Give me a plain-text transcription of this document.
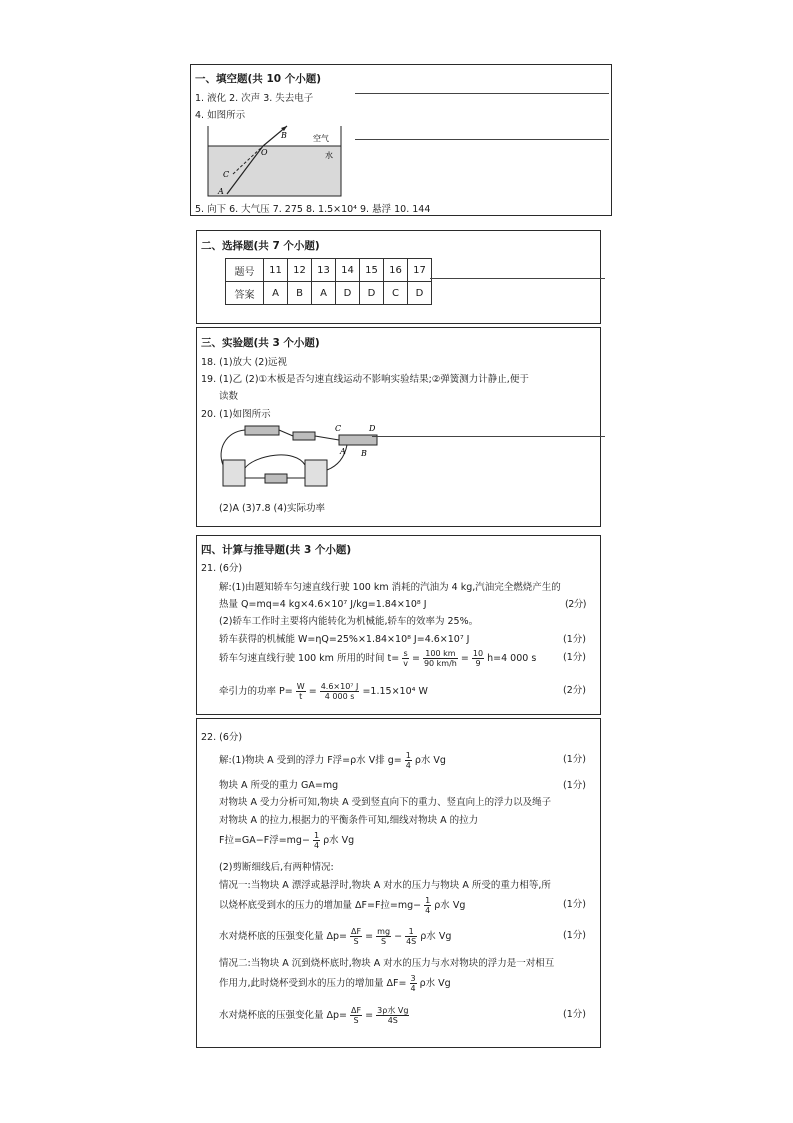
一、填空题(共 10 个小题)
1. 液化 2. 次声 3. 失去电子
4. 如图所示
B
O
C
A
空气
水
5. 向下 6. 大气压 7. 275 8. 1.5×10⁴ 9. 悬浮 10. 144
二、选择题(共 7 个小题)
题号	11	12	13	14	15	16	17
答案	A	B	A	D	D	C	D
三、实验题(共 3 个小题)
18. (1)放大 (2)远视
19. (1)乙 (2)①木板是否匀速直线运动不影响实验结果;②弹簧测力计静止,便于
读数
20. (1)如图所示
C	D
A B
(2)A (3)7.8 (4)实际功率
四、计算与推导题(共 3 个小题)
21. (6分)
解:(1)由题知轿车匀速直线行驶 100 km 消耗的汽油为 4 kg,汽油完全燃烧产生的
热量 Q=mq=4 kg×4.6×10⁷ J/kg=1.84×10⁸ J	(2分)
(2)轿车工作时主要将内能转化为机械能,轿车的效率为 25%。
轿车获得的机械能 W=ηQ=25%×1.84×10⁸ J=4.6×10⁷ J	(1分)
轿车匀速直线行驶 100 km 所用的时间 $t= \frac{s}{v} = \frac{100 km}{90 km/h} = \frac{10}{9} h=4$ 000 s	(1分)
牵引力的功率 $P= \frac{W}{t} = \frac{\text{4.6×10⁷ J}}{4 000 s} =1.15\times 10^4$ W	(2分)
22. (6分)
解:(1)物块 A 受到的浮力 F浮=ρ水 V排 $g= \frac{1}{4}$ ρ水 Vg	(1分)
物块 A 所受的重力 GA=mg	(1分)
对物块 A 受力分析可知,物块 A 受到竖直向下的重力、竖直向上的浮力以及绳子
对物块 A 的拉力,根据力的平衡条件可知,细线对物块 A 的拉力
F拉=GA−F浮$=mg- \frac{1}{4}$ ρ水 Vg
(2)剪断细线后,有两种情况:
情况一:当物块 A 漂浮或悬浮时,物块 A 对水的压力与物块 A 所受的重力相等,所
以烧杯底受到水的压力的增加量 ΔF=F拉$=mg- \frac{1}{4}$ ρ水 Vg	(1分)
水对烧杯底的压强变化量 $\Delta p= \frac{\Delta F}{S} = \frac{mg}{S} - \frac{1}{4S}$ ρ水 Vg	(1分)
情况二:当物块 A 沉到烧杯底时,物块 A 对水的压力与水对物块的浮力是一对相互
作用力,此时烧杯受到水的压力的增加量 $\Delta F= \frac{3}{4}$ ρ水 Vg
水对烧杯底的压强变化量 $\Delta p= \frac{\Delta F}{S} = \frac{\text{3ρ水 Vg}}{4S}$	(1分)
